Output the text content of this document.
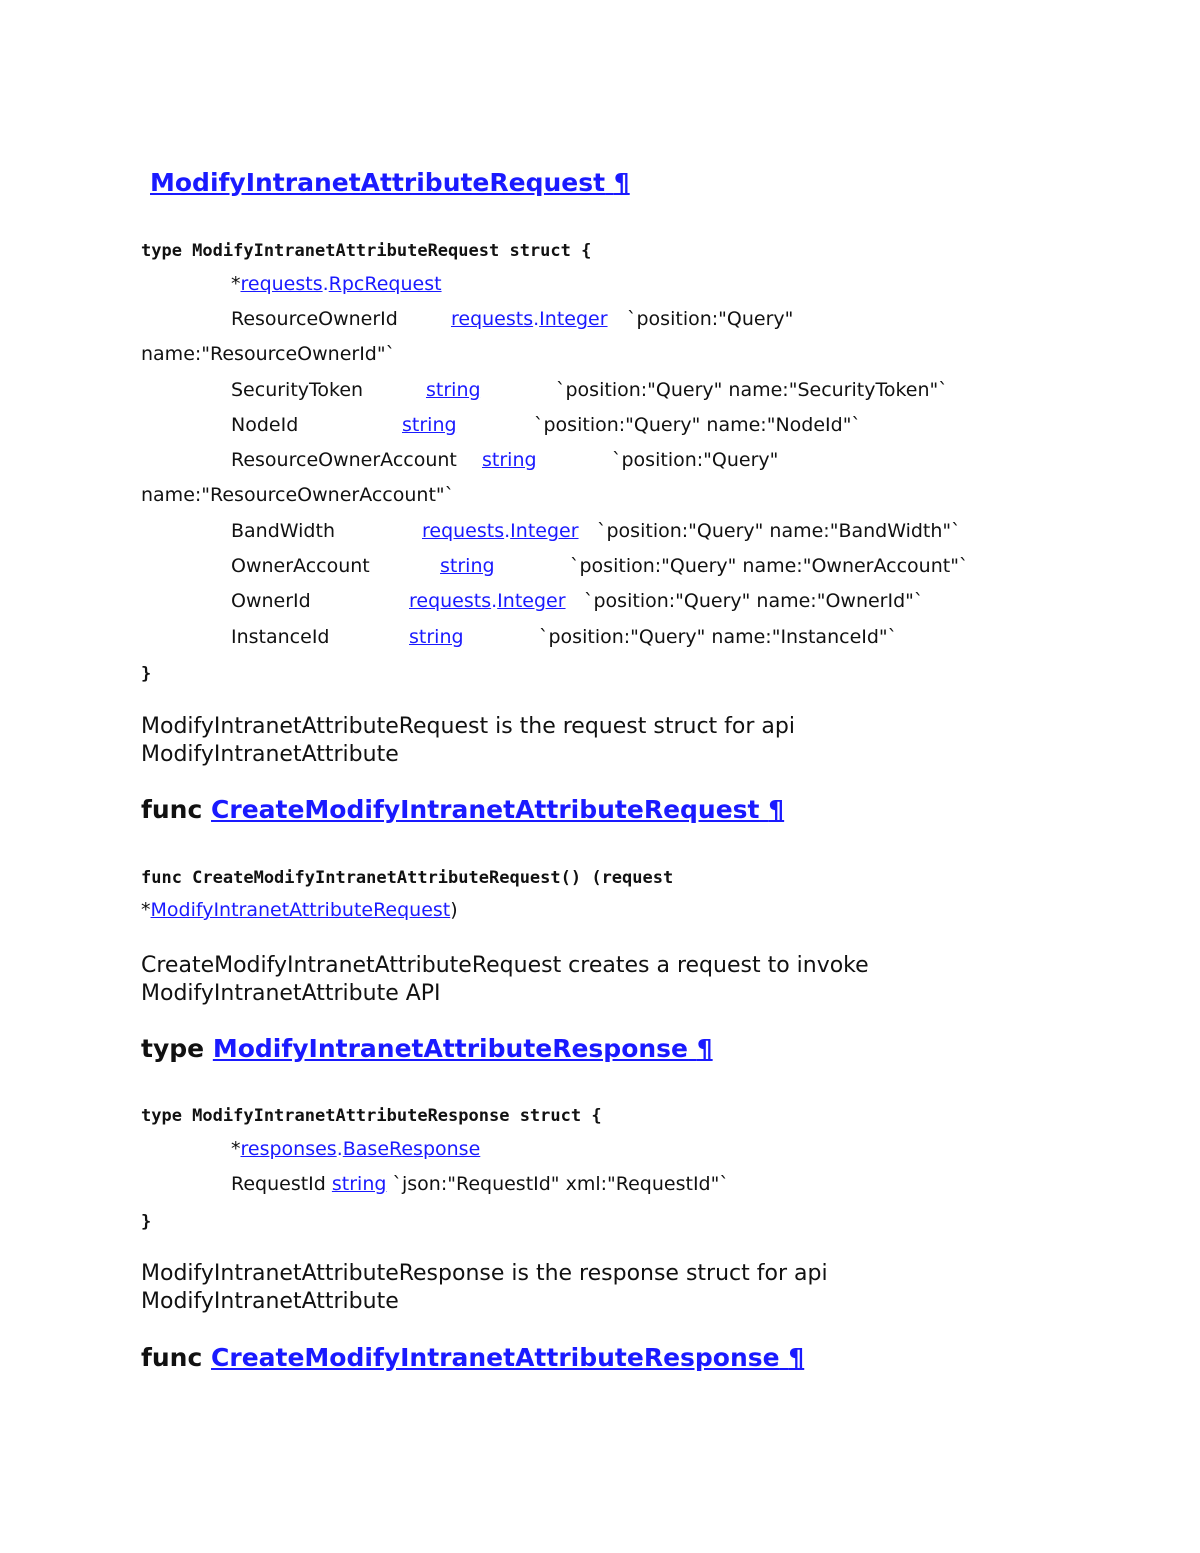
ModifyIntranetAttributeRequest ¶
type ModifyIntranetAttributeRequest struct {
*requests.RpcRequest
ResourceOwnerId	requests.Integer `position:"Query"
name:"ResourceOwnerId"`
SecurityToken	string	`position:"Query" name:"SecurityToken"`
NodeId	string	`position:"Query" name:"NodeId"`
ResourceOwnerAccount string	`position:"Query"
name:"ResourceOwnerAccount"`
BandWidth	requests.Integer `position:"Query" name:"BandWidth"`
OwnerAccount	string	`position:"Query" name:"OwnerAccount"`
OwnerId	requests.Integer `position:"Query" name:"OwnerId"`
InstanceId	string	`position:"Query" name:"InstanceId"`
}
ModifyIntranetAttributeRequest is the request struct for api
ModifyIntranetAttribute
func CreateModifyIntranetAttributeRequest ¶
func CreateModifyIntranetAttributeRequest() (request
*ModifyIntranetAttributeRequest)
CreateModifyIntranetAttributeRequest creates a request to invoke
ModifyIntranetAttribute API
type ModifyIntranetAttributeResponse ¶
type ModifyIntranetAttributeResponse struct {
*responses.BaseResponse
RequestId string `json:"RequestId" xml:"RequestId"`
}
ModifyIntranetAttributeResponse is the response struct for api
ModifyIntranetAttribute
func CreateModifyIntranetAttributeResponse ¶
